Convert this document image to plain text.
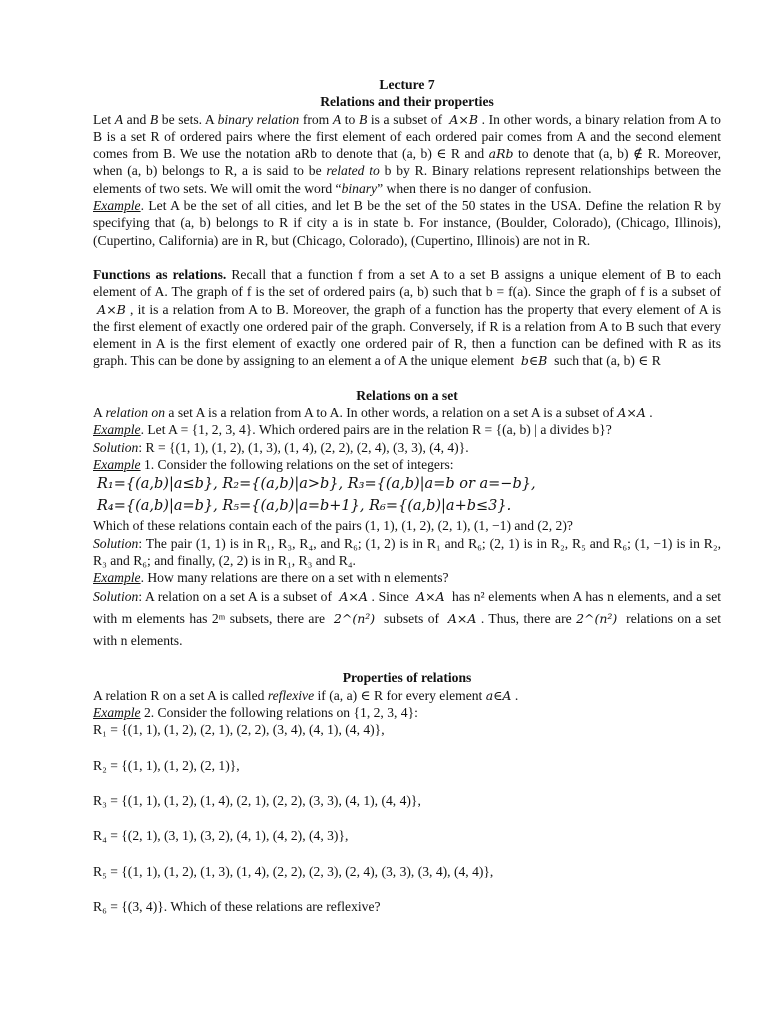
Lecture 7

Relations and their properties

Let A and B be sets. A binary relation from A to B is a subset of  A×B . In other words, a binary relation from A to B is a set R of ordered pairs where the first element of each ordered pair comes from A and the second element comes from B. We use the notation aRb to denote that (a, b) ∈ R and aRb to denote that (a, b) ∉ R. Moreover, when (a, b) belongs to R, a is said to be related to b by R. Binary relations represent relationships between the elements of two sets. We will omit the word “binary” when there is no danger of confusion.

Example. Let A be the set of all cities, and let B be the set of the 50 states in the USA. Define the relation R by specifying that (a, b) belongs to R if city a is in state b. For instance, (Boulder, Colorado), (Chicago, Illinois), (Cupertino, California) are in R, but (Chicago, Colorado), (Cupertino, Illinois) are not in R.

Functions as relations. Recall that a function f from a set A to a set B assigns a unique element of B to each element of A. The graph of f is the set of ordered pairs (a, b) such that b = f(a). Since the graph of f is a subset of  A×B , it is a relation from A to B. Moreover, the graph of a function has the property that every element of A is the first element of exactly one ordered pair of the graph. Conversely, if R is a relation from A to B such that every element in A is the first element of exactly one ordered pair of R, then a function can be defined with R as its graph. This can be done by assigning to an element a of A the unique element  b∈B  such that (a, b) ∈ R

Relations on a set

A relation on a set A is a relation from A to A. In other words, a relation on a set A is a subset of A×A .

Example. Let A = {1, 2, 3, 4}. Which ordered pairs are in the relation R = {(a, b) | a divides b}?

Solution: R = {(1, 1), (1, 2), (1, 3), (1, 4), (2, 2), (2, 4), (3, 3), (4, 4)}.

Example 1. Consider the following relations on the set of integers:

R₁={(a,b)|a≤b}, R₂={(a,b)|a>b}, R₃={(a,b)|a=b or a=−b},

R₄={(a,b)|a=b}, R₅={(a,b)|a=b+1}, R₆={(a,b)|a+b≤3}.

Which of these relations contain each of the pairs (1, 1), (1, 2), (2, 1), (1, −1) and (2, 2)?

Solution: The pair (1, 1) is in R₁, R₃, R₄, and R₆; (1, 2) is in R₁ and R₆; (2, 1) is in R₂, R₅ and R₆; (1, −1) is in R₂, R₃ and R₆; and finally, (2, 2) is in R₁, R₃ and R₄.

Example. How many relations are there on a set with n elements?

Solution: A relation on a set A is a subset of  A×A . Since  A×A  has n² elements when A has n elements, and a set with m elements has 2ᵐ subsets, there are  2^(n²)  subsets of  A×A . Thus, there are 2^(n²)  relations on a set with n elements.

Properties of relations

A relation R on a set A is called reflexive if (a, a) ∈ R for every element a∈A .

Example 2. Consider the following relations on {1, 2, 3, 4}:

R₁ = {(1, 1), (1, 2), (2, 1), (2, 2), (3, 4), (4, 1), (4, 4)},

R₂ = {(1, 1), (1, 2), (2, 1)},

R₃ = {(1, 1), (1, 2), (1, 4), (2, 1), (2, 2), (3, 3), (4, 1), (4, 4)},

R₄ = {(2, 1), (3, 1), (3, 2), (4, 1), (4, 2), (4, 3)},

R₅ = {(1, 1), (1, 2), (1, 3), (1, 4), (2, 2), (2, 3), (2, 4), (3, 3), (3, 4), (4, 4)},

R₆ = {(3, 4)}. Which of these relations are reflexive?
